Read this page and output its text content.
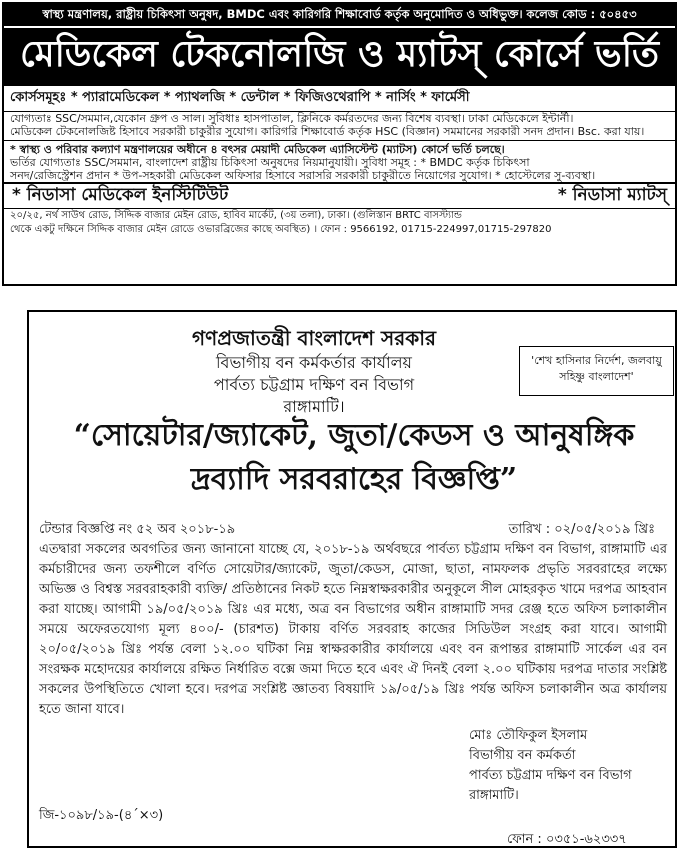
স্বাস্থ্য মন্ত্রণালয়, রাষ্ট্রীয় চিকিৎসা অনুষদ, BMDC এবং কারিগরি শিক্ষাবোর্ড কর্তৃক অনুমোদিত ও অধিভুক্ত। কলেজ কোড : ৫০৪৫৩
মেডিকেল টেকনোলজি ও ম্যাটস্ কোর্সে ভর্তি
কোর্সসমূহঃ * প্যারামেডিকেল * প্যাথলজি * ডেন্টাল * ফিজিওথেরাপি * নার্সিং * ফার্মেসী
যোগ্যতাঃ SSC/সমমান,যেকোন গ্রুপ ও সাল। সুবিধাঃ হাসপাতাল, ক্লিনিকে কর্মরতদের জন্য বিশেষ ব্যবস্থা। ঢাকা মেডিকেলে ইন্টার্নী।
মেডিকেল টেকনোলজিষ্ট হিসাবে সরকারী চাকুরীর সুযোগ। কারিগরি শিক্ষাবোর্ড কর্তৃক HSC (বিজ্ঞান) সমমানের সরকারী সনদ প্রদান। Bsc. করা যায়।
* স্বাস্থ্য ও পরিবার কল্যাণ মন্ত্রণালয়ের অধীনে ৪ বৎসর মেয়াদী মেডিকেল এ্যাসিস্টেন্ট (ম্যাটস) কোর্সে ভর্তি চলছে।
ভর্তির যোগ্যতাঃ SSC/সমমান, বাংলাদেশ রাষ্ট্রীয় চিকিৎসা অনুষদের নিয়মানুযায়ী। সুবিধা সমূহ : * BMDC কর্তৃক চিকিৎসা
সনদ/রেজিস্ট্রেশন প্রদান * উপ-সহকারী মেডিকেল অফিসার হিসাবে সরাসরি সরকারী চাকুরীতে নিয়োগের সুযোগ। * হোস্টেলের সু-ব্যবস্থা।
* নিডাসা মেডিকেল ইনস্টিটিউট	* নিডাসা ম্যাটস্
২০/২৫, নর্থ সাউথ রোড, সিদ্দিক বাজার মেইন রোড, হাবিব মার্কেট, (৩য় তলা), ঢাকা। (গুলিস্তান BRTC বাসস্ট্যান্ড
থেকে একটু দক্ষিনে সিদ্দিক বাজার মেইন রোডে ওভারব্রিজের কাছে অবস্থিত) । ফোন : 9566192, 01715-224997,01715-297820
গণপ্রজাতন্ত্রী বাংলাদেশ সরকার
বিভাগীয় বন কর্মকর্তার কার্যালয়
পার্বত্য চট্টগ্রাম দক্ষিণ বন বিভাগ
রাঙ্গামাটি।
'শেখ হাসিনার নির্দেশ, জলবায়ু সহিষ্ণু বাংলাদেশ'
“সোয়েটার/জ্যাকেট, জুতা/কেডস ও আনুষঙ্গিক দ্রব্যাদি সরবরাহের বিজ্ঞপ্তি”
টেন্ডার বিজ্ঞপ্তি নং ৫২ অব ২০১৮-১৯	তারিখ : ০২/০৫/২০১৯ খ্রিঃ
এতদ্বারা সকলের অবগতির জন্য জানানো যাচ্ছে যে, ২০১৮-১৯ অর্থবছরে পার্বত্য চট্টগ্রাম দক্ষিণ বন বিভাগ, রাঙ্গামাটি এর কর্মচারীদের জন্য তফশীলে বর্ণিত সোয়েটার/জ্যাকেট, জুতা/কেডস, মোজা, ছাতা, নামফলক প্রভৃতি সরবরাহের লক্ষ্যে অভিজ্ঞ ও বিশ্বস্ত সরবরাহকারী ব্যক্তি/ প্রতিষ্ঠানের নিকট হতে নিম্নস্বাক্ষরকারীর অনুকূলে সীল মোহরকৃত খামে দরপত্র আহবান করা যাচ্ছে। আগামী ১৯/০৫/২০১৯ খ্রিঃ এর মধ্যে, অত্র বন বিভাগের অধীন রাঙ্গামাটি সদর রেঞ্জ হতে অফিস চলাকালীন সময়ে অফেরতযোগ্য মূল্য ৪০০/- (চারশত) টাকায় বর্ণিত সরবরাহ কাজের সিডিউল সংগ্রহ করা যাবে। আগামী ২০/০৫/২০১৯ খ্রিঃ পর্যন্ত বেলা ১২.০০ ঘটিকা নিম্ন স্বাক্ষরকারীর কার্যালয়ে এবং বন রূপান্তর রাঙ্গামাটি সার্কেল এর বন সংরক্ষক মহোদয়ের কার্যালয়ে রক্ষিত নির্ধারিত বক্সে জমা দিতে হবে এবং ঐ দিনই বেলা ২.০০ ঘটিকায় দরপত্র দাতার সংশ্লিষ্ট সকলের উপস্থিতিতে খোলা হবে। দরপত্র সংশ্লিষ্ট জ্ঞাতব্য বিষয়াদি ১৯/০৫/১৯ খ্রিঃ পর্যন্ত অফিস চলাকালীন অত্র কার্যালয় হতে জানা যাবে।
মোঃ তৌফিকুল ইসলাম
বিভাগীয় বন কর্মকর্তা
পার্বত্য চট্টগ্রাম দক্ষিণ বন বিভাগ
রাঙ্গামাটি।
জি-১০৯৮/১৯-(৪´×৩)
ফোন : ০৩৫১-৬২৩৩৭
